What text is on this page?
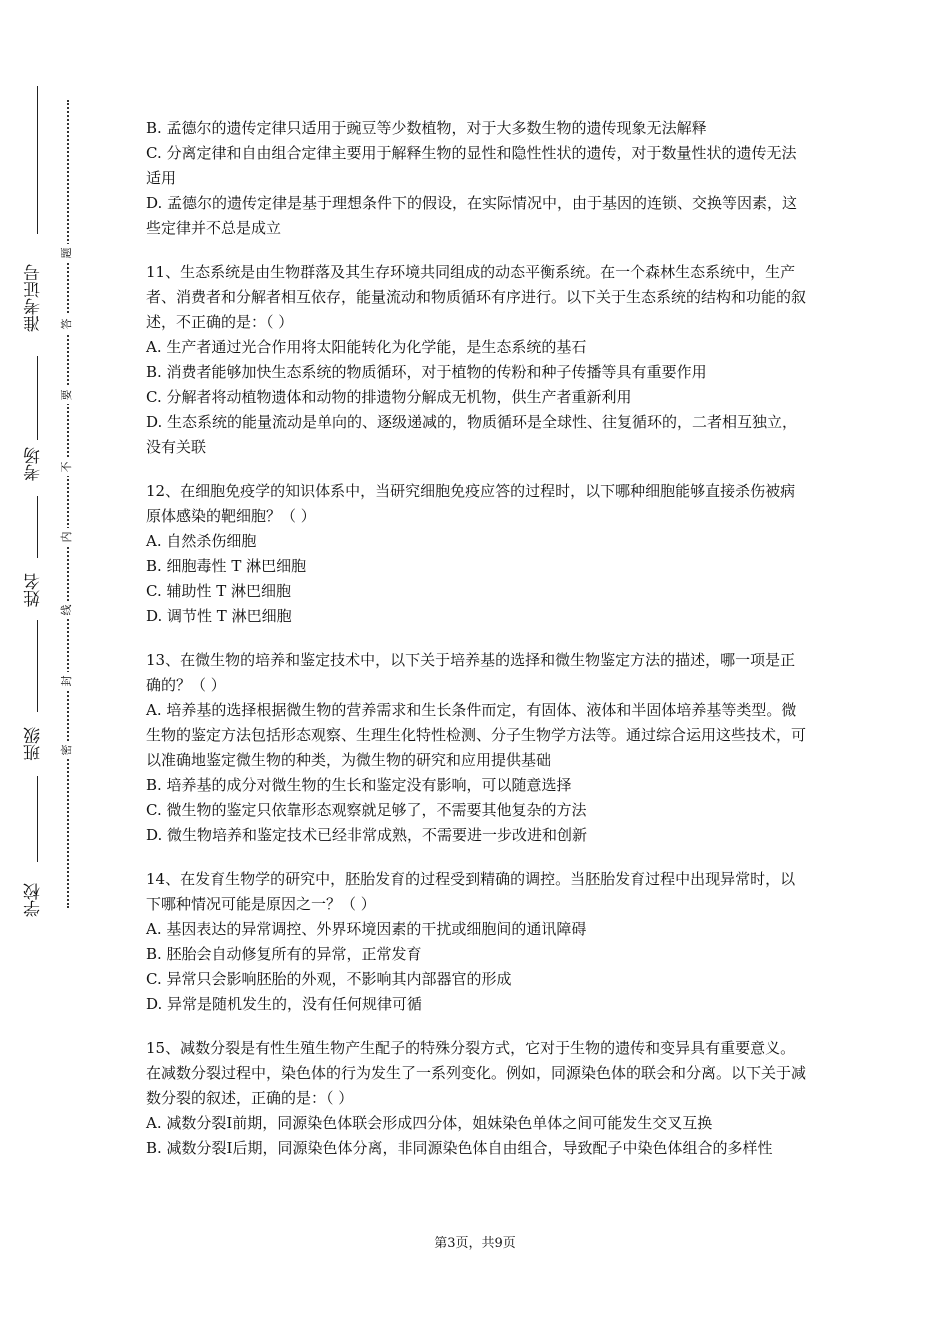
准考证号
考场
姓名
班级
学校
密
封
线
内
不
要
答
题

B. 孟德尔的遗传定律只适用于豌豆等少数植物，对于大多数生物的遗传现象无法解释

C. 分离定律和自由组合定律主要用于解释生物的显性和隐性性状的遗传，对于数量性状的遗传无法适用

D. 孟德尔的遗传定律是基于理想条件下的假设，在实际情况中，由于基因的连锁、交换等因素，这些定律并不总是成立

11、生态系统是由生物群落及其生存环境共同组成的动态平衡系统。在一个森林生态系统中，生产者、消费者和分解者相互依存，能量流动和物质循环有序进行。以下关于生态系统的结构和功能的叙述，不正确的是：（ ）

A. 生产者通过光合作用将太阳能转化为化学能，是生态系统的基石

B. 消费者能够加快生态系统的物质循环，对于植物的传粉和种子传播等具有重要作用

C. 分解者将动植物遗体和动物的排遗物分解成无机物，供生产者重新利用

D. 生态系统的能量流动是单向的、逐级递减的，物质循环是全球性、往复循环的，二者相互独立，没有关联

12、在细胞免疫学的知识体系中，当研究细胞免疫应答的过程时，以下哪种细胞能够直接杀伤被病原体感染的靶细胞？（ ）

A. 自然杀伤细胞

B. 细胞毒性 T 淋巴细胞

C. 辅助性 T 淋巴细胞

D. 调节性 T 淋巴细胞

13、在微生物的培养和鉴定技术中，以下关于培养基的选择和微生物鉴定方法的描述，哪一项是正确的？（ ）

A. 培养基的选择根据微生物的营养需求和生长条件而定，有固体、液体和半固体培养基等类型。微生物的鉴定方法包括形态观察、生理生化特性检测、分子生物学方法等。通过综合运用这些技术，可以准确地鉴定微生物的种类，为微生物的研究和应用提供基础

B. 培养基的成分对微生物的生长和鉴定没有影响，可以随意选择

C. 微生物的鉴定只依靠形态观察就足够了，不需要其他复杂的方法

D. 微生物培养和鉴定技术已经非常成熟，不需要进一步改进和创新

14、在发育生物学的研究中，胚胎发育的过程受到精确的调控。当胚胎发育过程中出现异常时，以下哪种情况可能是原因之一？（ ）

A. 基因表达的异常调控、外界环境因素的干扰或细胞间的通讯障碍

B. 胚胎会自动修复所有的异常，正常发育

C. 异常只会影响胚胎的外观，不影响其内部器官的形成

D. 异常是随机发生的，没有任何规律可循

15、减数分裂是有性生殖生物产生配子的特殊分裂方式，它对于生物的遗传和变异具有重要意义。在减数分裂过程中，染色体的行为发生了一系列变化。例如，同源染色体的联会和分离。以下关于减数分裂的叙述，正确的是：（ ）

A. 减数分裂Ⅰ前期，同源染色体联会形成四分体，姐妹染色单体之间可能发生交叉互换

B. 减数分裂Ⅰ后期，同源染色体分离，非同源染色体自由组合，导致配子中染色体组合的多样性

第3页，共9页
